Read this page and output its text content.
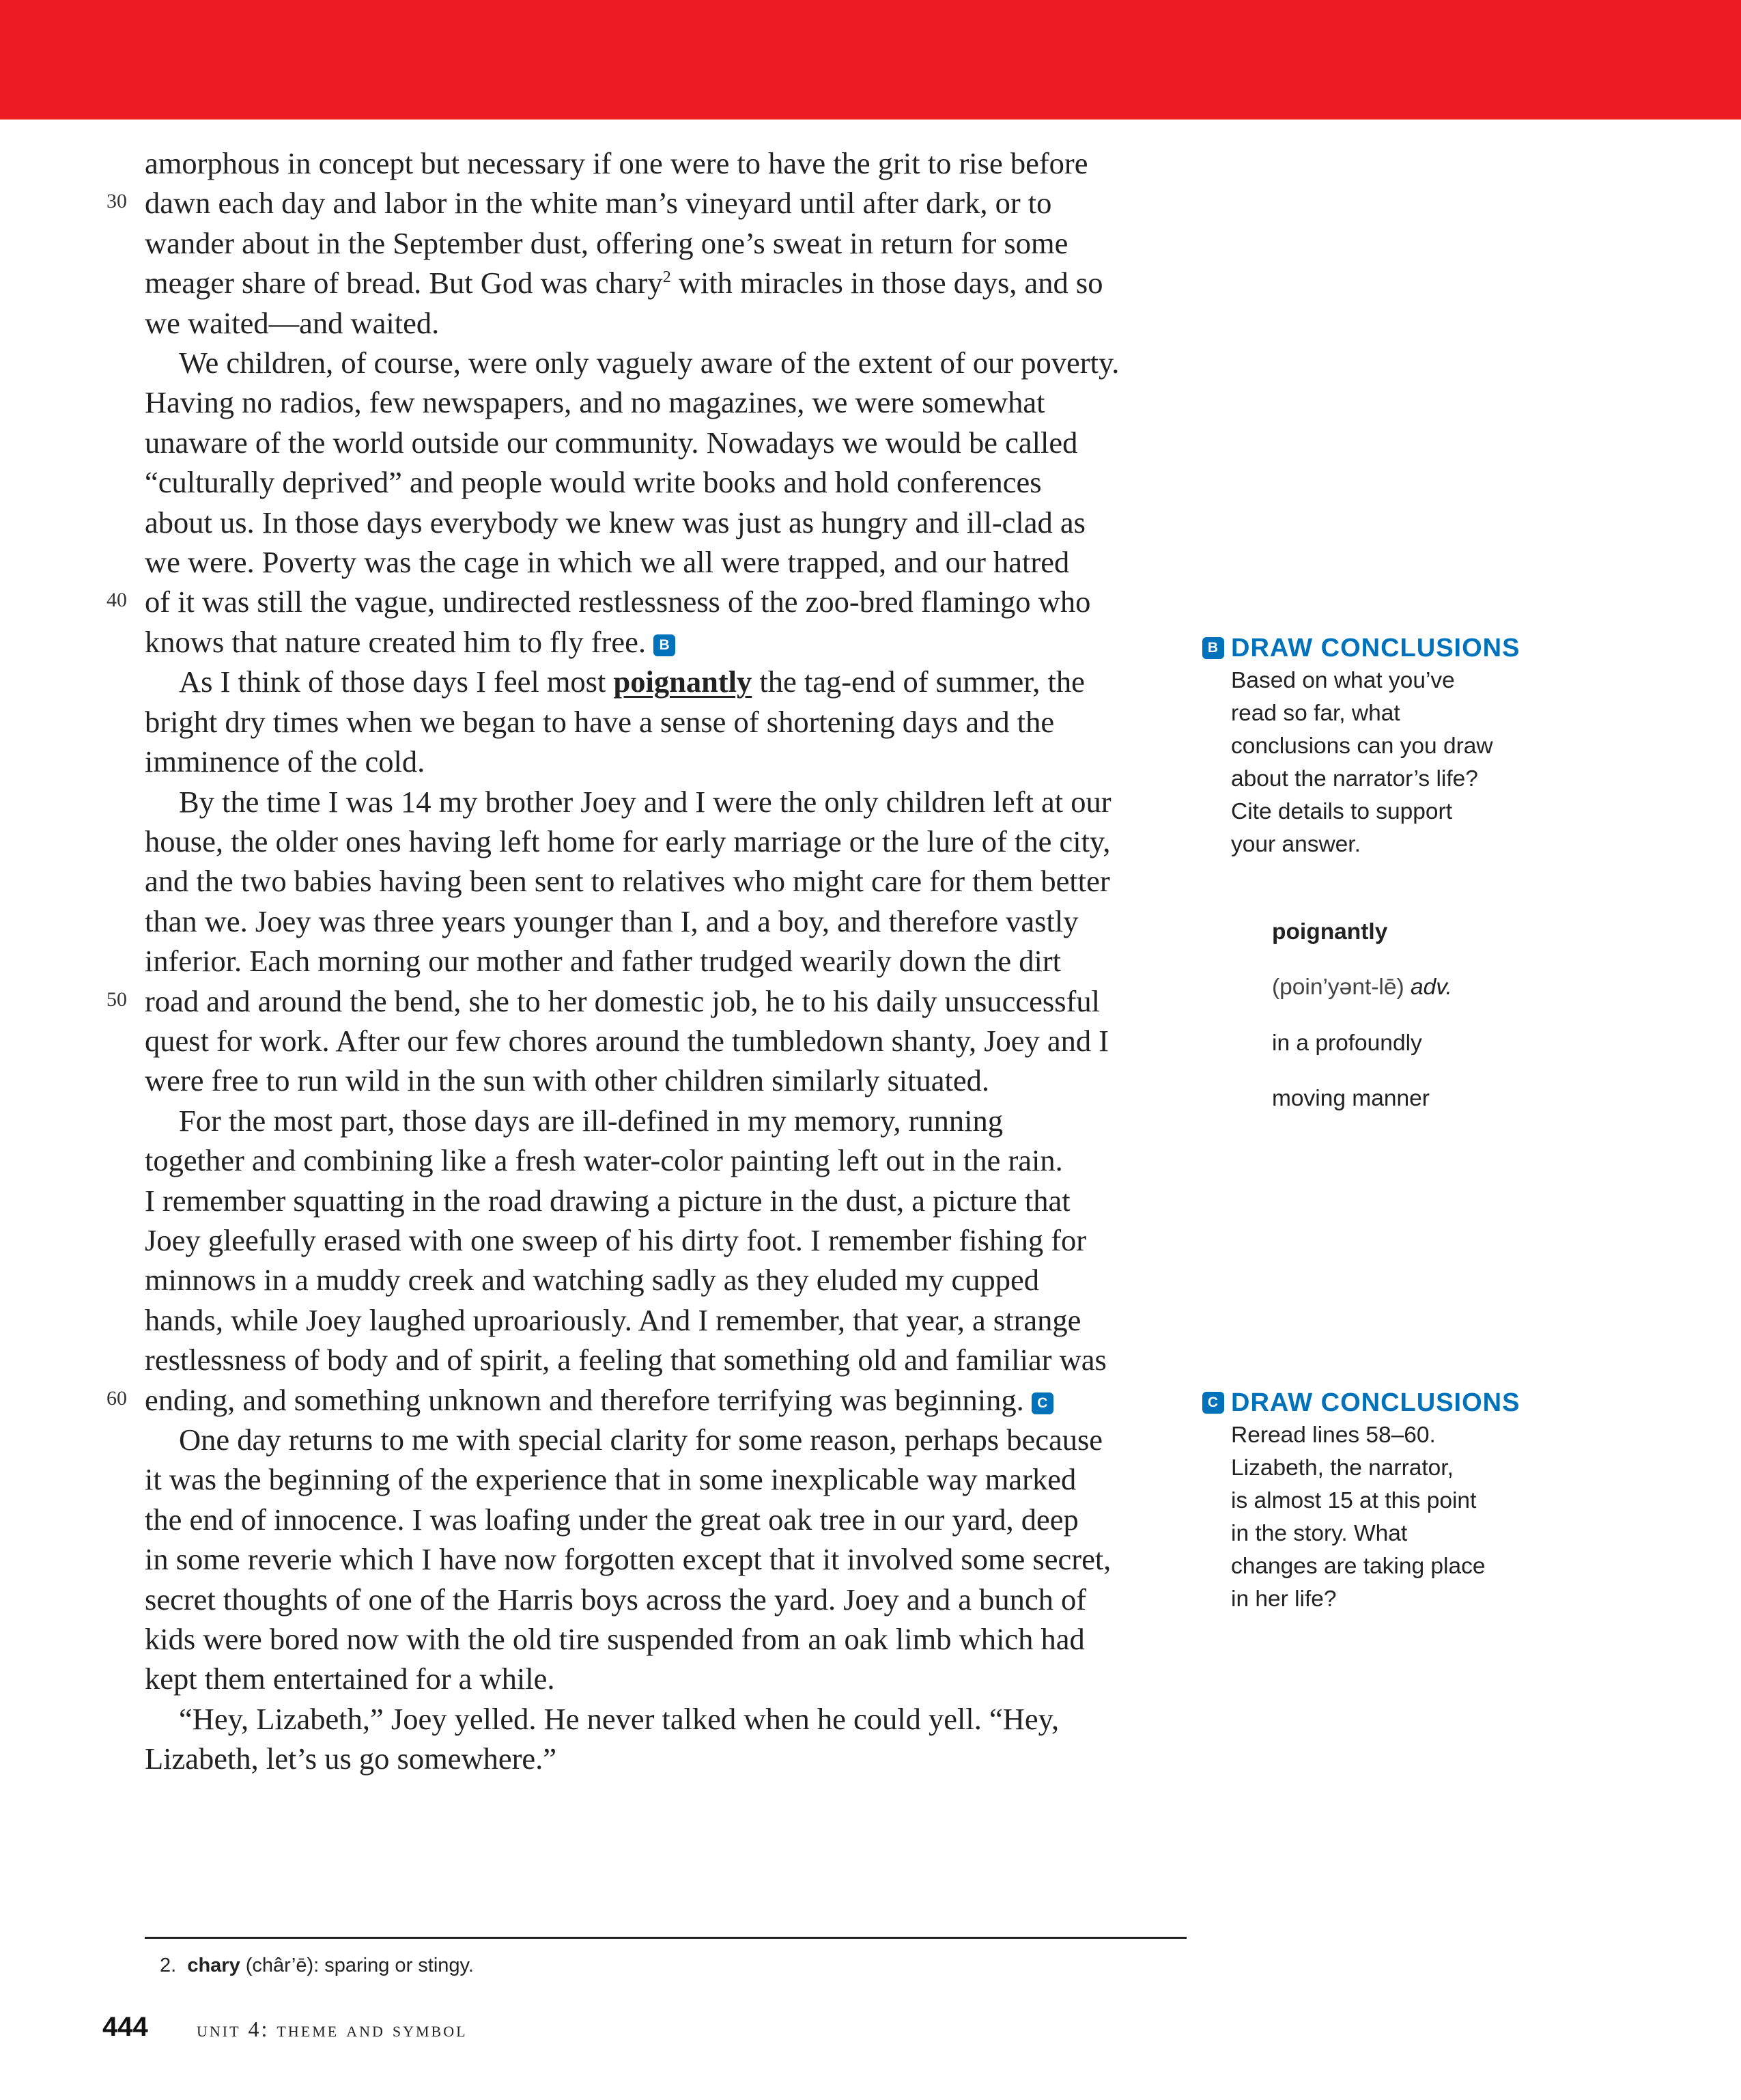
amorphous in concept but necessary if one were to have the grit to rise before
30 dawn each day and labor in the white man’s vineyard until after dark, or to
wander about in the September dust, offering one’s sweat in return for some
meager share of bread. But God was chary$^2$ with miracles in those days, and so
we waited—and waited.
We children, of course, were only vaguely aware of the extent of our poverty.
Having no radios, few newspapers, and no magazines, we were somewhat
unaware of the world outside our community. Nowadays we would be called
“culturally deprived” and people would write books and hold conferences
about us. In those days everybody we knew was just as hungry and ill-clad as
we were. Poverty was the cage in which we all were trapped, and our hatred
40 of it was still the vague, undirected restlessness of the zoo-bred flamingo who
knows that nature created him to fly free. B
As I think of those days I feel most poignantly the tag-end of summer, the
bright dry times when we began to have a sense of shortening days and the
imminence of the cold.
By the time I was 14 my brother Joey and I were the only children left at our
house, the older ones having left home for early marriage or the lure of the city,
and the two babies having been sent to relatives who might care for them better
than we. Joey was three years younger than I, and a boy, and therefore vastly
inferior. Each morning our mother and father trudged wearily down the dirt
50 road and around the bend, she to her domestic job, he to his daily unsuccessful
quest for work. After our few chores around the tumbledown shanty, Joey and I
were free to run wild in the sun with other children similarly situated.
For the most part, those days are ill-defined in my memory, running
together and combining like a fresh water-color painting left out in the rain.
I remember squatting in the road drawing a picture in the dust, a picture that
Joey gleefully erased with one sweep of his dirty foot. I remember fishing for
minnows in a muddy creek and watching sadly as they eluded my cupped
hands, while Joey laughed uproariously. And I remember, that year, a strange
restlessness of body and of spirit, a feeling that something old and familiar was
60 ending, and something unknown and therefore terrifying was beginning. C
One day returns to me with special clarity for some reason, perhaps because
it was the beginning of the experience that in some inexplicable way marked
the end of innocence. I was loafing under the great oak tree in our yard, deep
in some reverie which I have now forgotten except that it involved some secret,
secret thoughts of one of the Harris boys across the yard. Joey and a bunch of
kids were bored now with the old tire suspended from an oak limb which had
kept them entertained for a while.
“Hey, Lizabeth,” Joey yelled. He never talked when he could yell. “Hey,
Lizabeth, let’s us go somewhere.”
B DRAW CONCLUSIONS

Based on what you’ve

read so far, what

conclusions can you draw

about the narrator’s life?

Cite details to support

your answer.

poignantly

(poin’yənt-lē) adv.

in a profoundly

moving manner

C DRAW CONCLUSIONS

Reread lines 58–60.

Lizabeth, the narrator,

is almost 15 at this point

in the story. What

changes are taking place

in her life?

2. chary (châr’ē): sparing or stingy.
444 unit 4: theme and symbol
